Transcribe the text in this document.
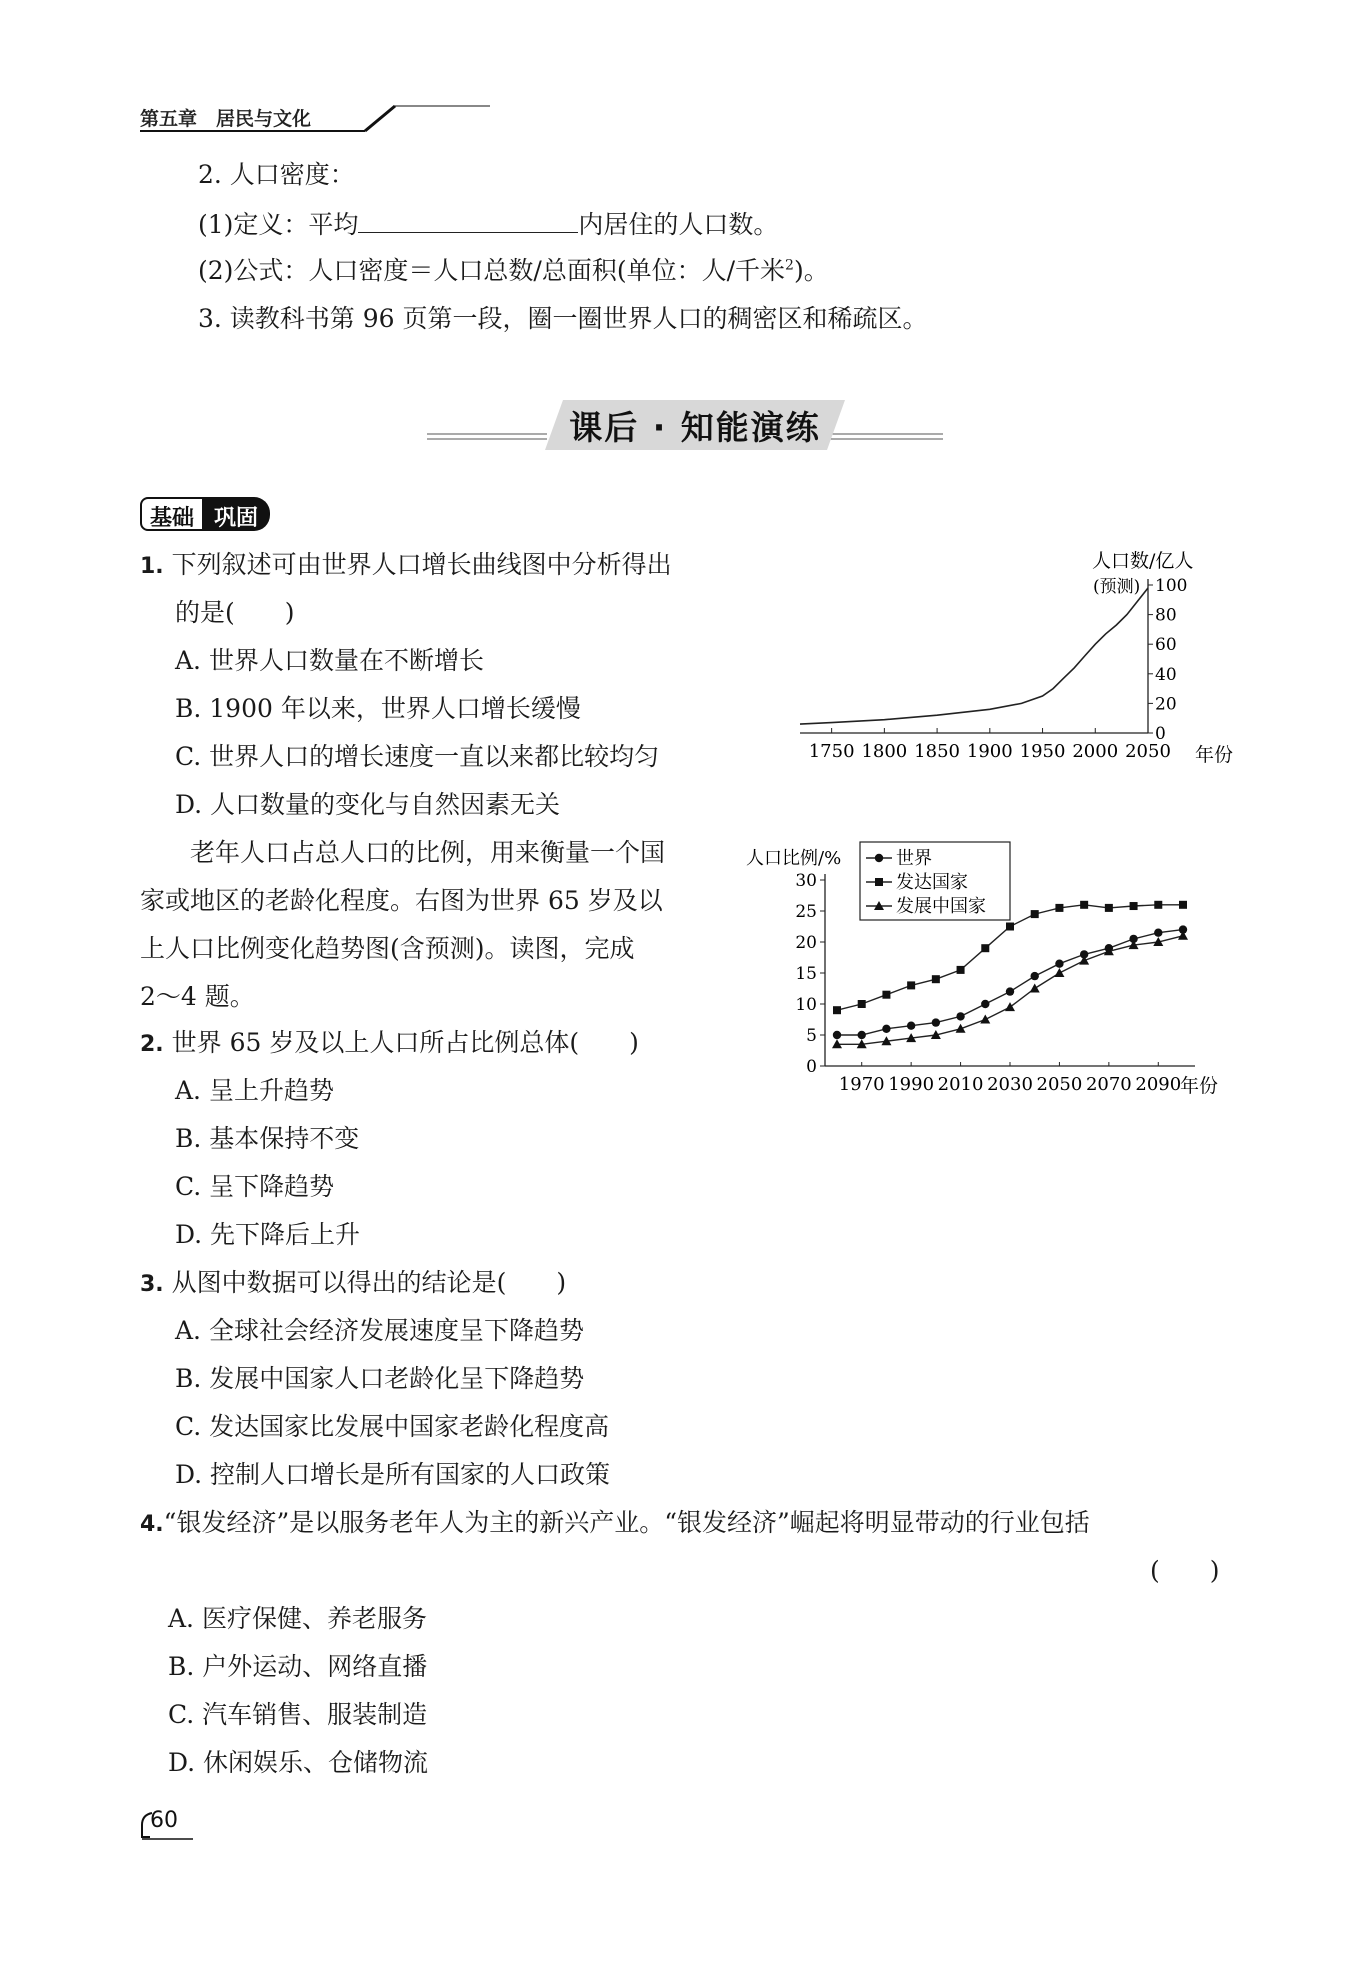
第五章　居民与文化
2. 人口密度：
(1)定义：平均	内居住的人口数。
(2)公式：人口密度＝人口总数/总面积(单位：人/千米$^2$)。
3. 读教科书第 96 页第一段，圈一圈世界人口的稠密区和稀疏区。
课后 · 知能演练
基础 巩固
1. 下列叙述可由世界人口增长曲线图中分析得出
的是(　　)
A. 世界人口数量在不断增长
B. 1900 年以来，世界人口增长缓慢
C. 世界人口的增长速度一直以来都比较均匀
D. 人口数量的变化与自然因素无关
人口数/亿人
(预测)
年份
1750 1800 1850 1900 1950 2000 2050
0
20
40
60
80
100
　　老年人口占总人口的比例，用来衡量一个国
家或地区的老龄化程度。右图为世界 65 岁及以
上人口比例变化趋势图(含预测)。读图，完成
2～4 题。
人口比例/%
年份
0
5
10
15
20
25
30
1970 1990 2010 2030 2050 2070 2090
世界
发达国家
发展中国家
2. 世界 65 岁及以上人口所占比例总体(　　)
A. 呈上升趋势
B. 基本保持不变
C. 呈下降趋势
D. 先下降后上升
3. 从图中数据可以得出的结论是(　　)
A. 全球社会经济发展速度呈下降趋势
B. 发展中国家人口老龄化呈下降趋势
C. 发达国家比发展中国家老龄化程度高
D. 控制人口增长是所有国家的人口政策
4.“银发经济”是以服务老年人为主的新兴产业。“银发经济”崛起将明显带动的行业包括
(　　)
A. 医疗保健、养老服务
B. 户外运动、网络直播
C. 汽车销售、服装制造
D. 休闲娱乐、仓储物流
60
